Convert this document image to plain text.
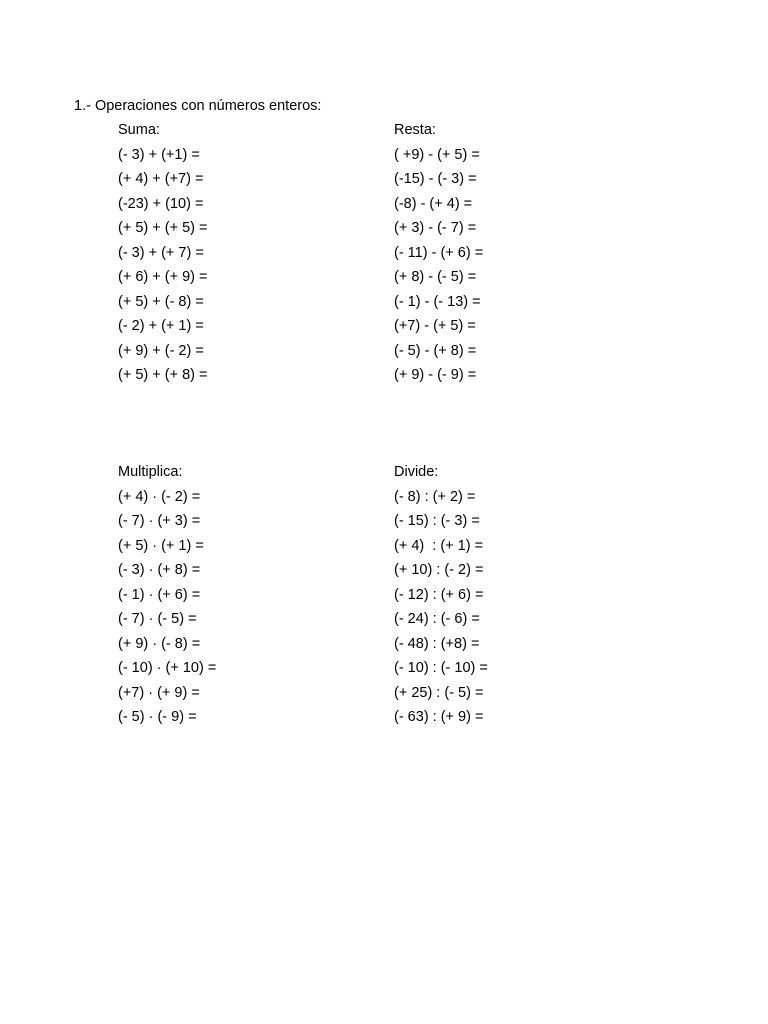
1.- Operaciones con números enteros:
Suma:
(- 3) + (+1) =
(+ 4) + (+7) =
(-23) + (10) =
(+ 5) + (+ 5) =
(- 3) + (+ 7) =
(+ 6) + (+ 9) =
(+ 5) + (- 8) =
(- 2) + (+ 1) =
(+ 9) + (- 2) =
(+ 5) + (+ 8) =
Resta:
( +9) - (+ 5) =
(-15) - (- 3) =
(-8) - (+ 4) =
(+ 3) - (- 7) =
(- 11) - (+ 6) =
(+ 8) - (- 5) =
(- 1) - (- 13) =
(+7) - (+ 5) =
(- 5) - (+ 8) =
(+ 9) - (- 9) =
Multiplica:
(+ 4) · (- 2) =
(- 7) · (+ 3) =
(+ 5) · (+ 1) =
(- 3) · (+ 8) =
(- 1) · (+ 6) =
(- 7) · (- 5) =
(+ 9) · (- 8) =
(- 10) · (+ 10) =
(+7) · (+ 9) =
(- 5) · (- 9) =
Divide:
(- 8) : (+ 2) =
(- 15) : (- 3) =
(+ 4)  : (+ 1) =
(+ 10) : (- 2) =
(- 12) : (+ 6) =
(- 24) : (- 6) =
(- 48) : (+8) =
(- 10) : (- 10) =
(+ 25) : (- 5) =
(- 63) : (+ 9) =
